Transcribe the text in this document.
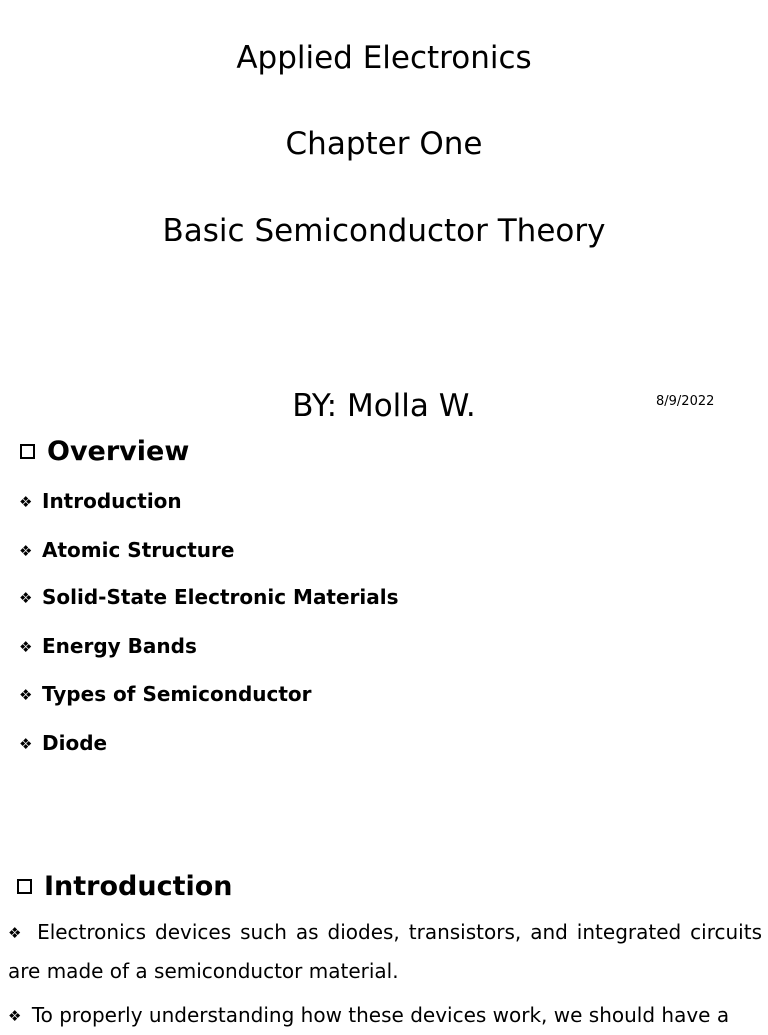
Applied Electronics
Chapter One
Basic Semiconductor Theory
BY: Molla W.	8/9/2022
Overview
❖ Introduction
❖ Atomic Structure
❖ Solid-State Electronic Materials
❖ Energy Bands
❖ Types of Semiconductor
❖ Diode
Introduction
❖ Electronics devices such as diodes, transistors, and integrated circuits are made of a semiconductor material.
❖ To properly understanding how these devices work, we should have a
